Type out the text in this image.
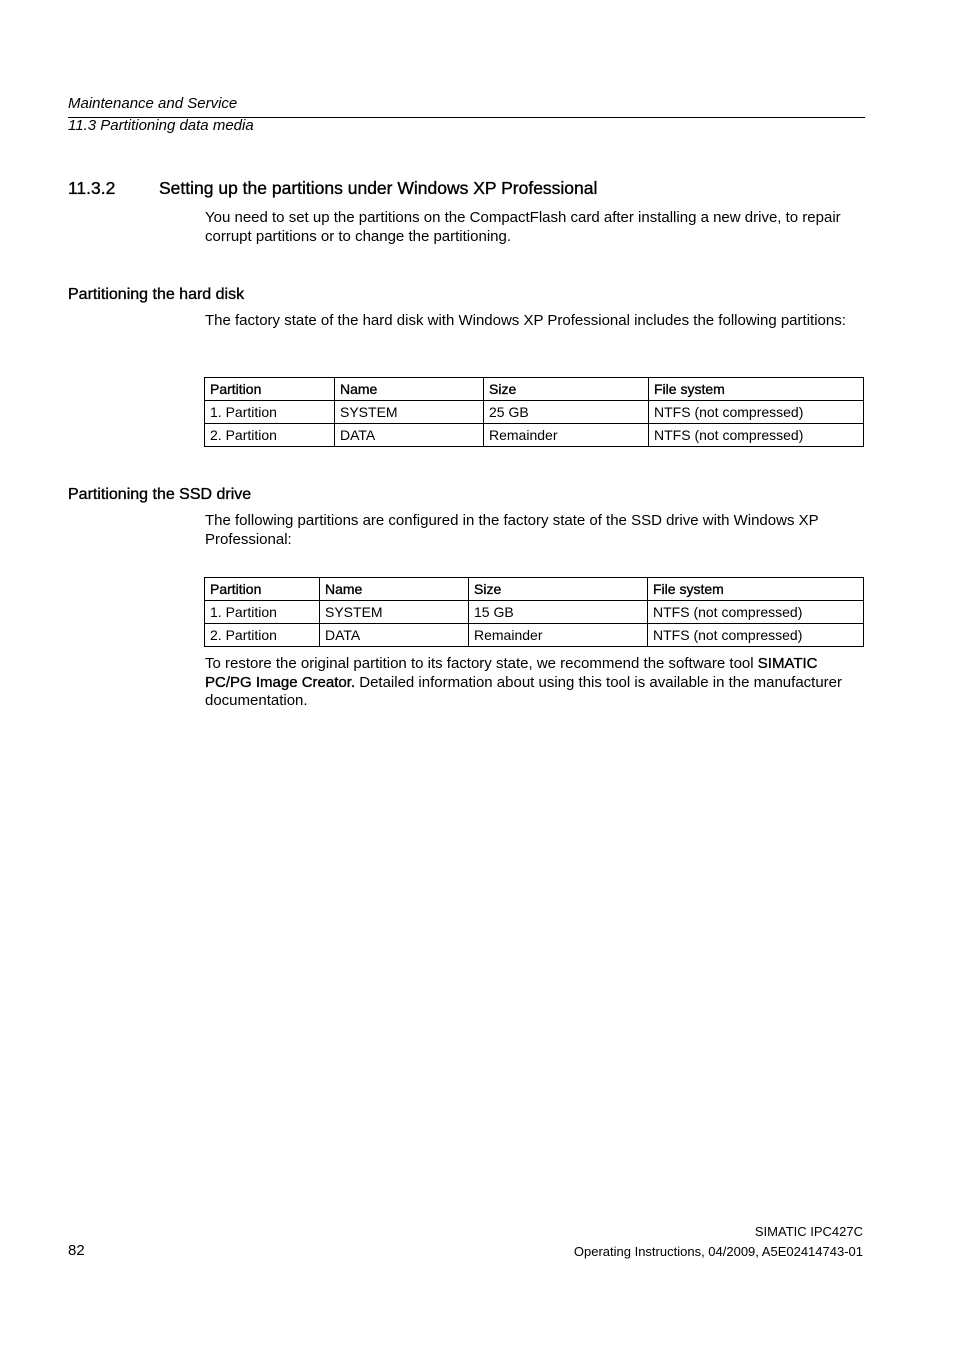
Maintenance and Service
11.3 Partitioning data media
11.3.2 Setting up the partitions under Windows XP Professional
You need to set up the partitions on the CompactFlash card after installing a new drive, to repair corrupt partitions or to change the partitioning.
Partitioning the hard disk
The factory state of the hard disk with Windows XP Professional includes the following partitions:
Partition	Name	Size	File system
1. Partition	SYSTEM	25 GB	NTFS (not compressed)
2. Partition	DATA	Remainder	NTFS (not compressed)
Partitioning the SSD drive
The following partitions are configured in the factory state of the SSD drive with Windows XP Professional:
Partition	Name	Size	File system
1. Partition	SYSTEM	15 GB	NTFS (not compressed)
2. Partition	DATA	Remainder	NTFS (not compressed)
To restore the original partition to its factory state, we recommend the software tool SIMATIC PC/PG Image Creator. Detailed information about using this tool is available in the manufacturer documentation.
82
SIMATIC IPC427C
Operating Instructions, 04/2009, A5E02414743-01
